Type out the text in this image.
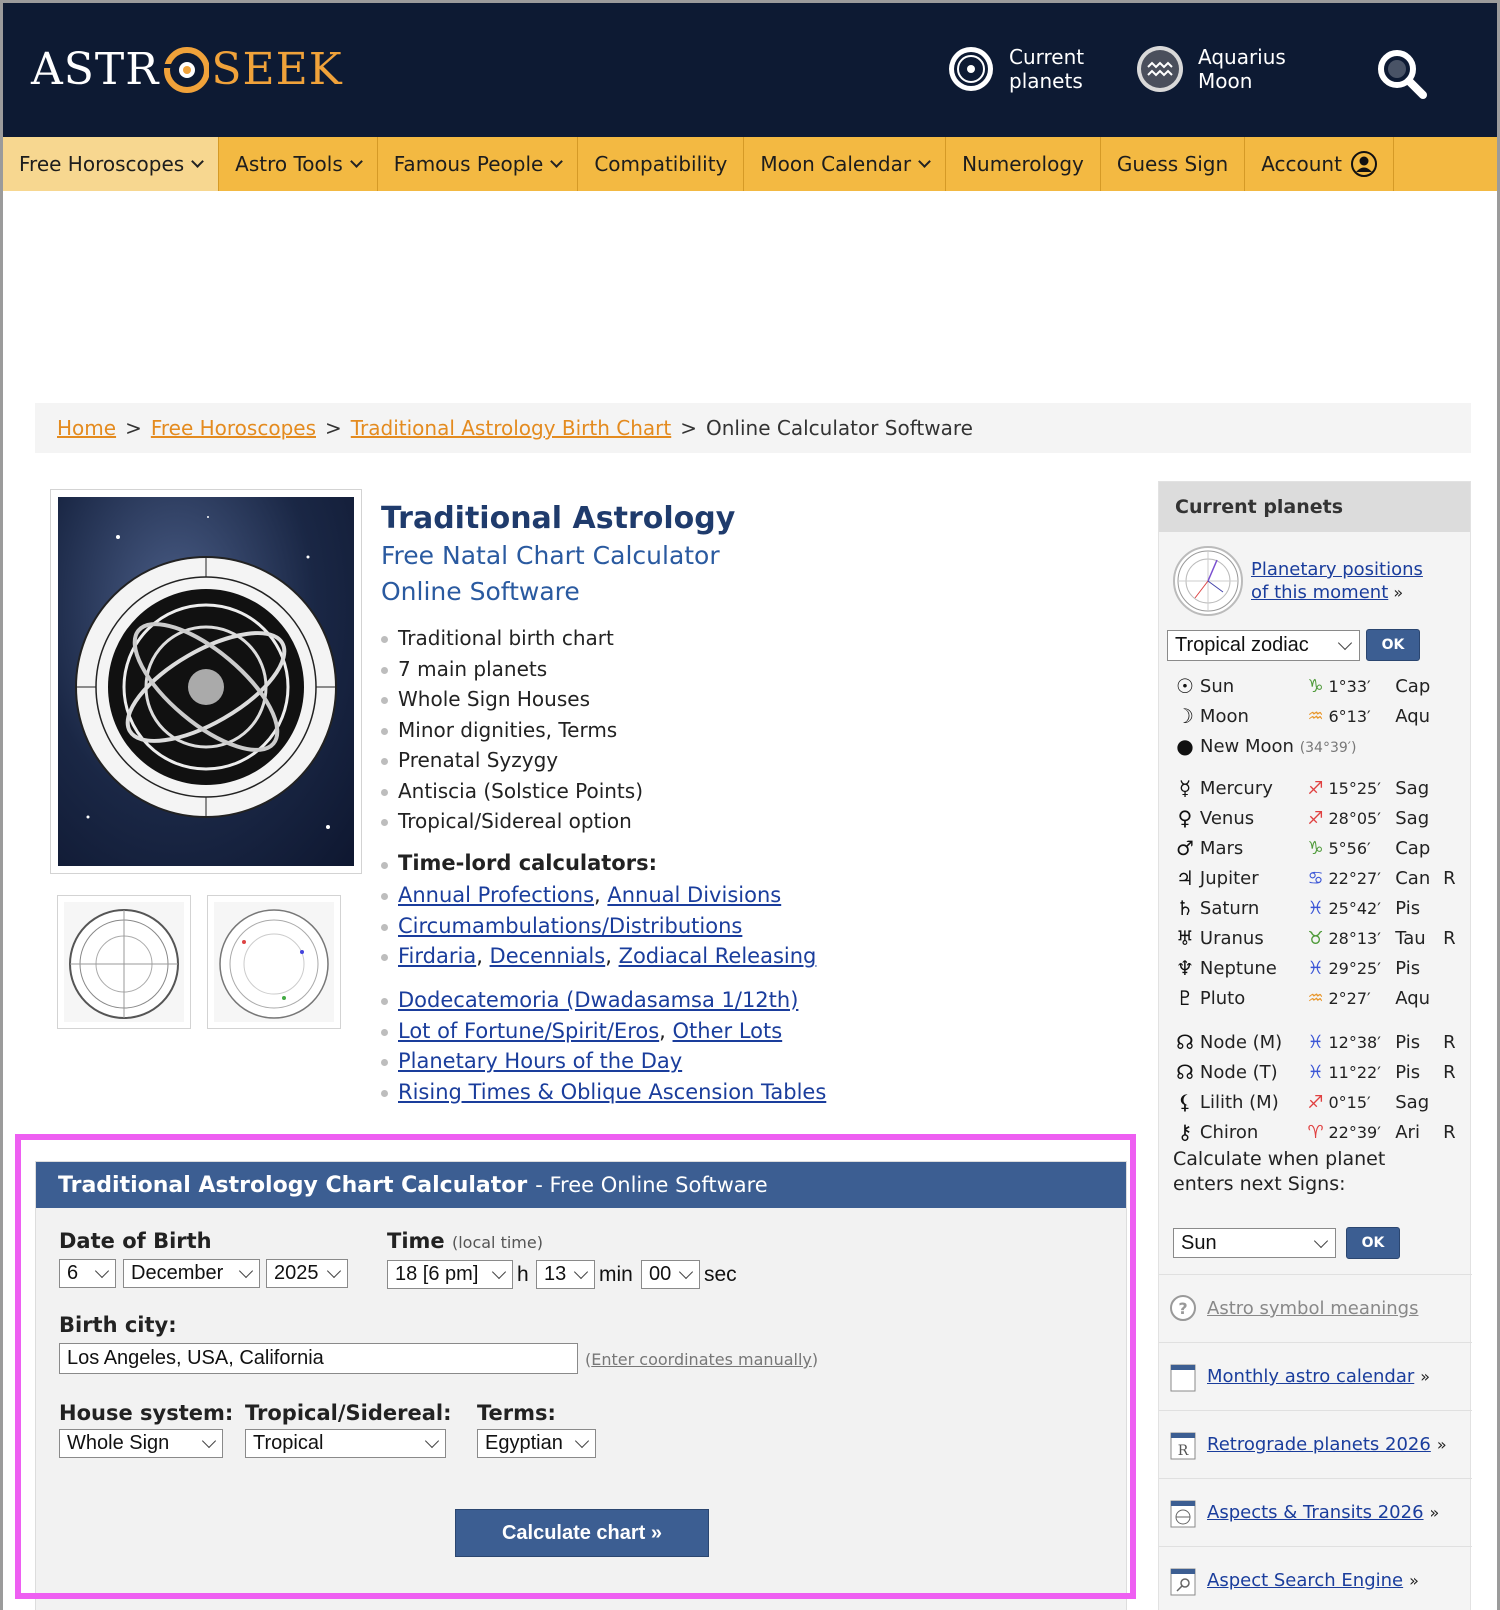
ASTR SEEK	Current
planets
Aquarius
Moon
Free Horoscopes	Astro Tools	Famous People	Compatibility Moon Calendar	Numerology Guess Sign Account
Home > Free Horoscopes > Traditional Astrology Birth Chart > Online Calculator Software
Traditional Astrology
Free Natal Chart Calculator
Online Software
Traditional birth chart
7 main planets
Whole Sign Houses
Minor dignities, Terms
Prenatal Syzygy
Antiscia (Solstice Points)
Tropical/Sidereal option
Time-lord calculators:
Annual Profections, Annual Divisions
Circumambulations/Distributions
Firdaria, Decennials, Zodiacal Releasing
Dodecatemoria (Dwadasamsa 1/12th)
Lot of Fortune/Spirit/Eros, Other Lots
Planetary Hours of the Day
Rising Times & Oblique Ascension Tables
Traditional Astrology Chart Calculator - Free Online Software
Date of Birth
6	December	2025
Time (local time)
18 [6 pm] h 13 min 00 sec
Birth city:
Los Angeles, USA, California	(Enter coordinates manually)
House system:
Whole Sign
Tropical/Sidereal:
Tropical
Terms:
Egyptian
Calculate chart »
Current planets
Planetary positions
of this moment »
Tropical zodiac	OK
☉ Sun	♑ 1°33′	Cap
☽ Moon	♒ 6°13′	Aqu
● New Moon (34°39′)
☿ Mercury	♐ 15°25′ Sag
♀ Venus	♐ 28°05′ Sag
♂ Mars	♑ 5°56′	Cap
♃ Jupiter	♋ 22°27′ Can R
♄ Saturn	♓ 25°42′ Pis
♅ Uranus	♉ 28°13′ Tau R
♆ Neptune	♓ 29°25′ Pis
♇ Pluto	♒ 2°27′	Aqu
☊ Node (M)	♓ 12°38′ Pis	R
☊ Node (T)	♓ 11°22′ Pis	R
⚸ Lilith (M)	♐ 0°15′	Sag
⚷ Chiron	♈ 22°39′ Ari	R
Calculate when planet
enters next Signs:
Sun	OK
? Astro symbol meanings
Monthly astro calendar »
R Retrograde planets 2026 »
Aspects & Transits 2026 »
Aspect Search Engine »
